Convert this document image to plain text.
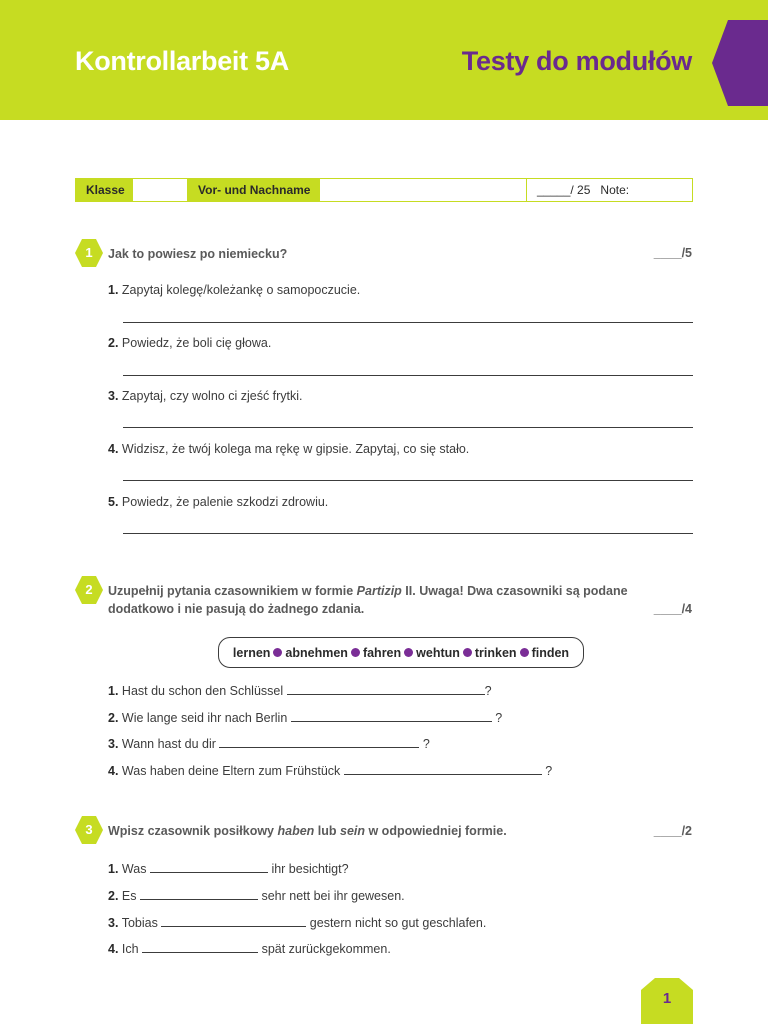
Kontrollarbeit 5A	Testy do modułów
Klasse	Vor- und Nachname	_____/ 25 Note:
1	Jak to powiesz po niemiecku?	____/5
1. Zapytaj kolegę/koleżankę o samopoczucie.
2. Powiedz, że boli cię głowa.
3. Zapytaj, czy wolno ci zjeść frytki.
4. Widzisz, że twój kolega ma rękę w gipsie. Zapytaj, co się stało.
5. Powiedz, że palenie szkodzi zdrowiu.
2	Uzupełnij pytania czasownikiem w formie Partizip II. Uwaga! Dwa czasowniki są podane
dodatkowo i nie pasują do żadnego zdania.	____/4
lernen abnehmen fahren wehtun trinken finden
1. Hast du schon den Schlüssel	?
2. Wie lange seid ihr nach Berlin	?
3. Wann hast du dir	?
4. Was haben deine Eltern zum Frühstück	?
3	Wpisz czasownik posiłkowy haben lub sein w odpowiedniej formie.	____/2
1. Was	ihr besichtigt?
2. Es	sehr nett bei ihr gewesen.
3. Tobias	gestern nicht so gut geschlafen.
4. Ich	spät zurückgekommen.
1
